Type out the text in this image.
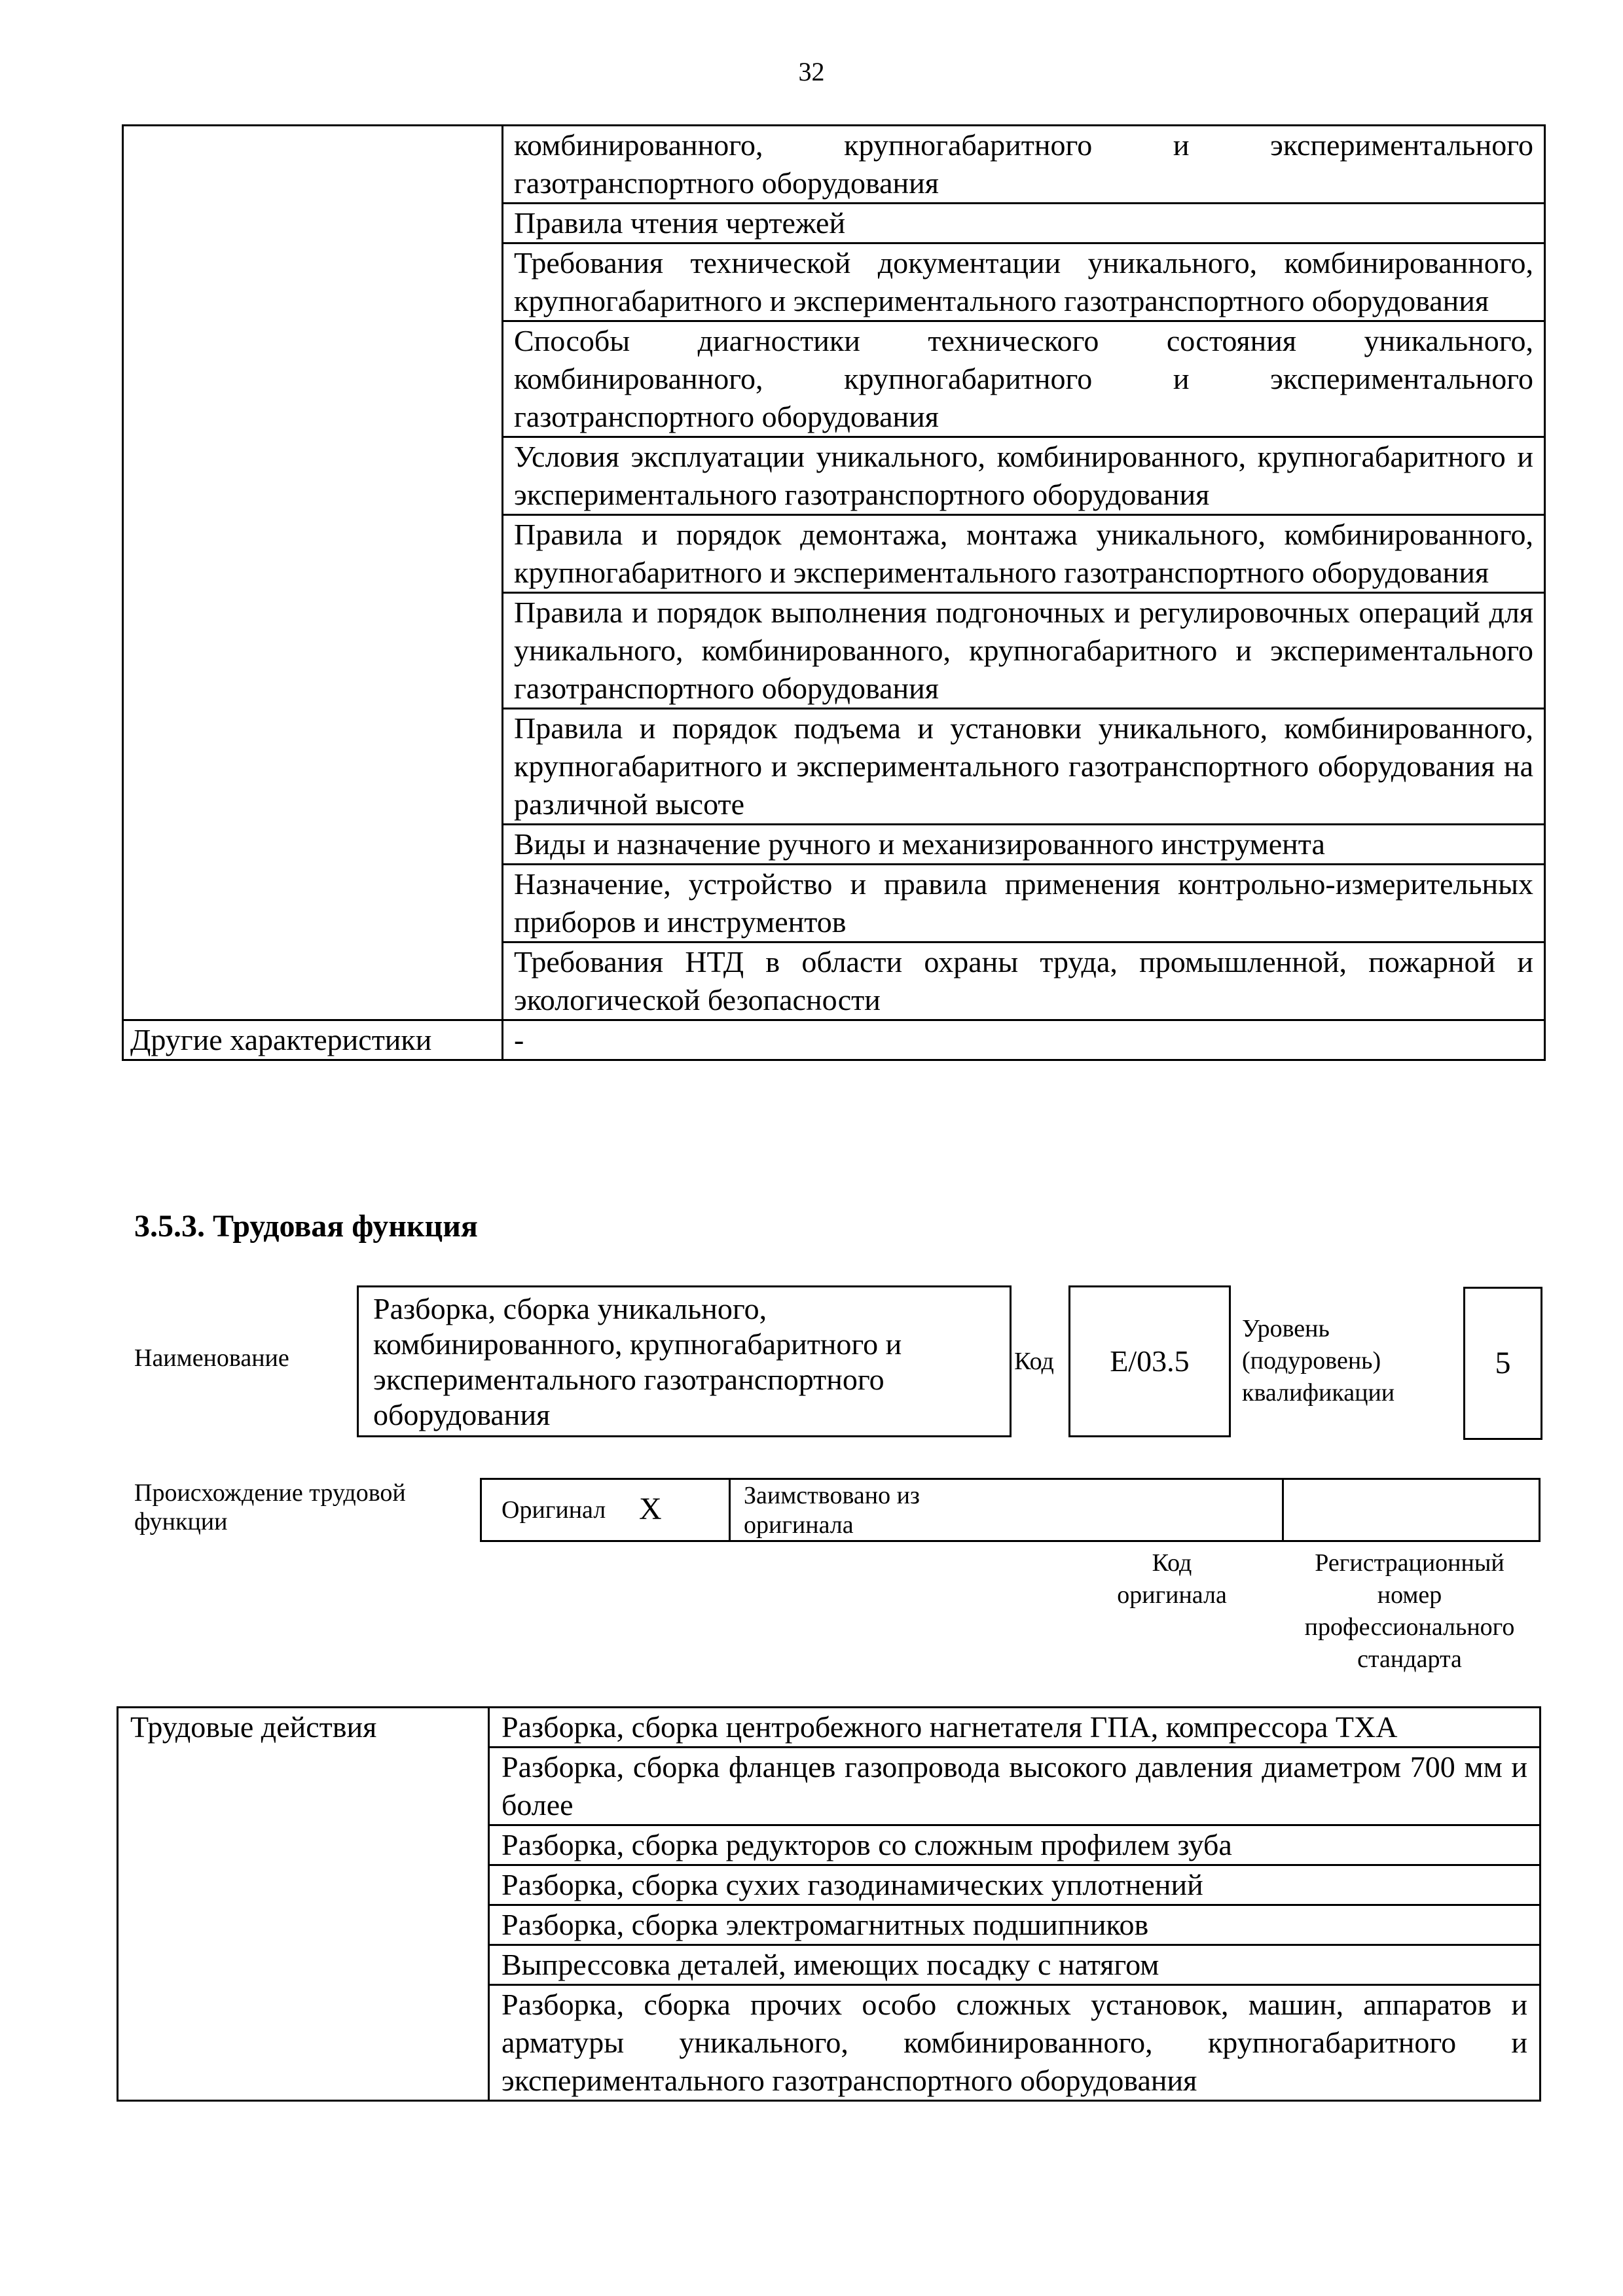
32
	комбинированного, крупногабаритного и экспериментального газотранспортного оборудования
	Правила чтения чертежей
	Требования технической документации уникального, комбинированного, крупногабаритного и экспериментального газотранспортного оборудования
	Способы диагностики технического состояния уникального, комбинированного, крупногабаритного и экспериментального газотранспортного оборудования
	Условия эксплуатации уникального, комбинированного, крупногабаритного и экспериментального газотранспортного оборудования
	Правила и порядок демонтажа, монтажа уникального, комбинированного, крупногабаритного и экспериментального газотранспортного оборудования
	Правила и порядок выполнения подгоночных и регулировочных операций для уникального, комбинированного, крупногабаритного и экспериментального газотранспортного оборудования
	Правила и порядок подъема и установки уникального, комбинированного, крупногабаритного и экспериментального газотранспортного оборудования на различной высоте
	Виды и назначение ручного и механизированного инструмента
	Назначение, устройство и правила применения контрольно-измерительных приборов и инструментов
	Требования НТД в области охраны труда, промышленной, пожарной и экологической безопасности
Другие характеристики	-
3.5.3. Трудовая функция
Наименование
Разборка, сборка уникального, комбинированного, крупногабаритного и экспериментального газотранспортного оборудования
Код	E/03.5
Уровень
(подуровень)
квалификации
5
Происхождение трудовой
функции	Оригинал X	Заимствовано из
оригинала
Код
оригинала
Регистрационный
номер
профессионального
стандарта
Трудовые действия	Разборка, сборка центробежного нагнетателя ГПА, компрессора ТХА
Разборка, сборка фланцев газопровода высокого давления диаметром 700 мм и более
Разборка, сборка редукторов со сложным профилем зуба
Разборка, сборка сухих газодинамических уплотнений
Разборка, сборка электромагнитных подшипников
Выпрессовка деталей, имеющих посадку с натягом
Разборка, сборка прочих особо сложных установок, машин, аппаратов и арматуры уникального, комбинированного, крупногабаритного и экспериментального газотранспортного оборудования
